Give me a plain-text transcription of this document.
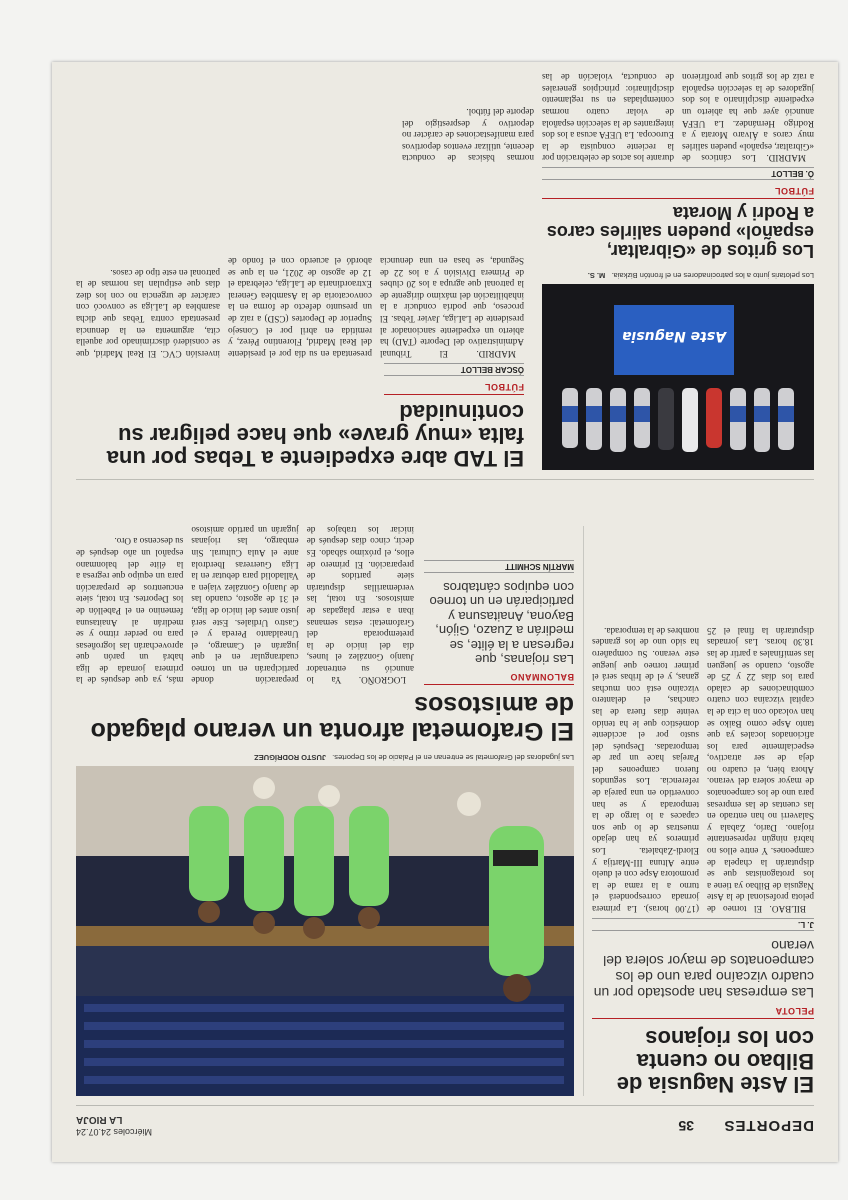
DEPORTES
35
Miércoles 24.07.24
LA RIOJA
El Aste Nagusia de Bilbao no cuenta con los riojanos
PELOTA
Las empresas han apostado por un cuadro vizcaíno para uno de los campeonatos de mayor solera del verano
J. L.

BILBAO. El torneo de pelota profesional de la Aste Nagusia de Bilbao ya tiene a los protagonistas que se disputarán la chapela de campeones. Y entre ellos no habrá ningún representante riojano. Darío, Zabala y Salaverri no han entrado en las cuentas de las empresas para uno de los campeonatos de mayor solera del verano. Ahora bien, el cuadro no deja de ser atractivo, especialmente para los aficionados locales ya que tanto Aspe como Baiko se han volcado con la cita de la capital vizcaína con cuatro combinaciones de calado para los días 22 y 25 de agosto, cuando se jueguen las semifinales a partir de las 18.30 horas. Las jornadas disputarán la final el 25 (17.00 horas). La primera jornada corresponderá el turno a la rama de la promotora Aspe con el duelo entre Altuna III-Martija y Elordi-Zabaleta. Los primeros ya han dejado muestras de lo que son capaces a lo largo de la temporada y se han convertido en una pareja de referencia. Los segundos fueron campeones del Parejas hace un par de temporadas. Después del susto por el accidente doméstico que le ha tenido veinte días fuera de las canchas, el delantero vizcaíno está con muchas ganas, y el de Iribas será el primer torneo que juegue este verano. Su compañero ha sido uno de los grandes nombres de la temporada.

Las jugadoras del Grafometal se entrenan en el Palacio de los Deportes. JUSTO RODRÍGUEZ
El Grafometal afronta un verano plagado de amistosos
BALONMANO
Las riojanas, que regresan a la élite, se medirán a Zuazo, Gijón, Bayona, Anaitasuna y participarán en un torneo con equipos cántabros
MARTÍN SCHMITT

LOGROÑO. Ya lo anunció su entrenador Juanjo González el lunes, día del inicio de la pretemporada del Grafometal: estas semanas iban a estar plagadas de amistosos. En total, las verdemarillas disputarán siete partidos de preparación. El primero de ellos, el próximo sábado. Es decir, cinco días después de iniciar los trabajos de preparación donde participarán en un torneo cuadrangular en el que jugarán el Camargo, el Unealdanto Pereda y el Castro Urdiales. Este será justo antes del inicio de liga, el 31 de agosto, cuando las de Juanjo González viajen a Valladolid para debutar en la Liga Guerreras Iberdrola ante el Aula Cultural. Sin embargo, las riojanas jugarán un partido amistoso más, ya que después de la primera jornada de liga habrá un parón que aprovecharán las logroñesas para no perder ritmo y se medirán al Anaitasuna femenino en el Pabellón de los Deportes. En total, siete encuentros de preparación para un equipo que regresa a la élite del balonmano español un año después de su descenso a Oro.

Aste Nagusia
Los pelotaris junto a los patrocinadores en el frontón Bizkaia. M. S.
El TAD abre expediente a Tebas por una falta «muy grave» que hace peligrar su continuidad
FÚTBOL
ÓSCAR BELLOT

MADRID. El Tribunal Administrativo del Deporte (TAD) ha abierto un expediente sancionador al presidente de LaLiga, Javier Tebas. El proceso, que podría conducir a la inhabilitación del máximo dirigente de la patronal que agrupa a los 20 clubes de Primera División y a los 22 de Segunda, se basa en una denuncia presentada en su día por el presidente del Real Madrid, Florentino Pérez, y remitida en abril por el Consejo Superior de Deportes (CSD) a raíz de un presunto defecto de forma en la convocatoria de la Asamblea General Extraordinaria de LaLiga, celebrada el 12 de agosto de 2021, en la que se abordó el acuerdo con el fondo de inversión CVC. El Real Madrid, que se consideró discriminado por aquella cita, argumenta en la denuncia presentada contra Tebas que dicha asamblea de LaLiga se convocó con carácter de urgencia no con los diez días que estipulan las normas de la patronal en este tipo de casos.

Los gritos de «Gibraltar, español» pueden salirles caros a Rodri y Morata
FÚTBOL
Ó. BELLOT

MADRID. Los cánticos de «Gibraltar, español» pueden salirles muy caros a Álvaro Morata y a Rodrigo Hernández. La UEFA anunció ayer que ha abierto un expediente disciplinario a los dos jugadores de la selección española a raíz de los gritos que profirieron durante los actos de celebración por la reciente conquista de la Eurocopa. La UEFA acusa a los dos integrantes de la selección española de violar cuatro normas contempladas en su reglamento disciplinario: principios generales de conducta, violación de las normas básicas de conducta decente, utilizar eventos deportivos para manifestaciones de carácter no deportivo y desprestigio del deporte del fútbol.
